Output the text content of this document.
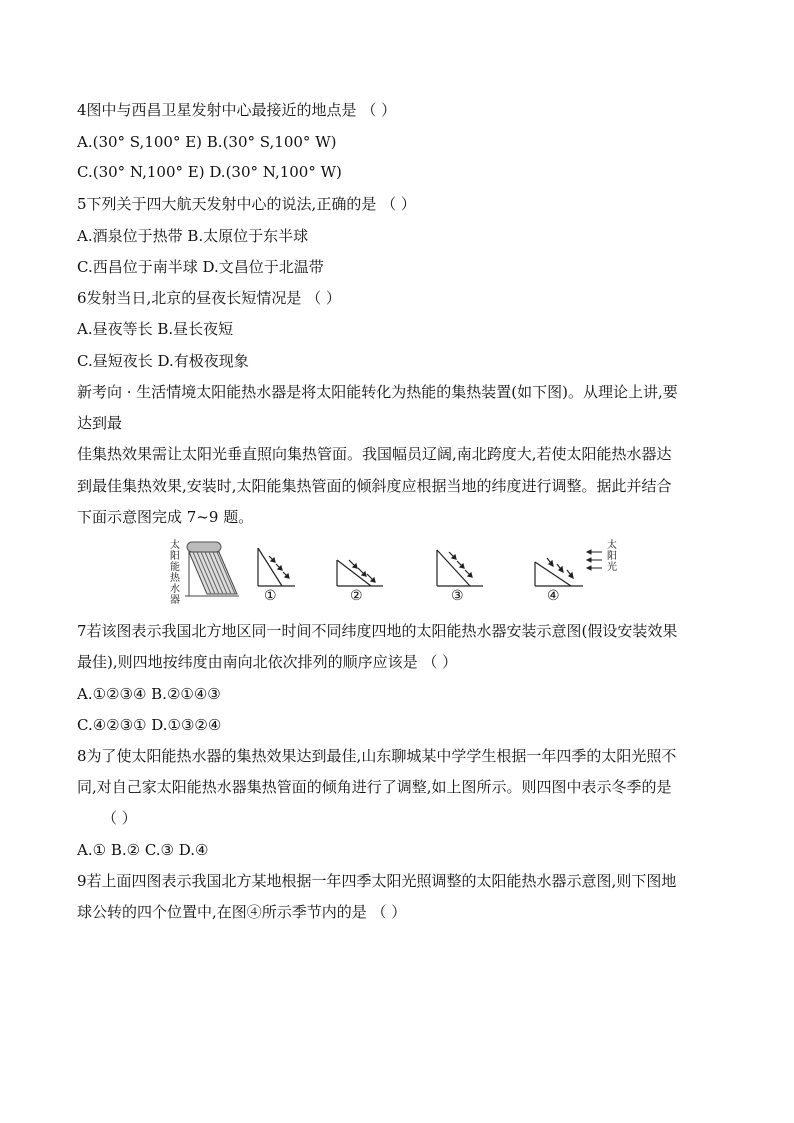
4图中与西昌卫星发射中心最接近的地点是 （ ）
A.(30° S,100° E) B.(30° S,100° W)
C.(30° N,100° E) D.(30° N,100° W)
5下列关于四大航天发射中心的说法,正确的是 （ ）
A.酒泉位于热带 B.太原位于东半球
C.西昌位于南半球 D.文昌位于北温带
6发射当日,北京的昼夜长短情况是 （ ）
A.昼夜等长 B.昼长夜短
C.昼短夜长 D.有极夜现象
新考向 · 生活情境太阳能热水器是将太阳能转化为热能的集热装置(如下图)。从理论上讲,要
达到最
佳集热效果需让太阳光垂直照向集热管面。我国幅员辽阔,南北跨度大,若使太阳能热水器达
到最佳集热效果,安装时,太阳能集热管面的倾斜度应根据当地的纬度进行调整。据此并结合
下面示意图完成 7~9 题。
太
阳
能
热
水
器
太
阳
光
①	②	③	④
7若该图表示我国北方地区同一时间不同纬度四地的太阳能热水器安装示意图(假设安装效果
最佳),则四地按纬度由南向北依次排列的顺序应该是 （ ）
A.①②③④ B.②①④③
C.④②③① D.①③②④
8为了使太阳能热水器的集热效果达到最佳,山东聊城某中学学生根据一年四季的太阳光照不
同,对自己家太阳能热水器集热管面的倾角进行了调整,如上图所示。则四图中表示冬季的是
（ ）
A.① B.② C.③ D.④
9若上面四图表示我国北方某地根据一年四季太阳光照调整的太阳能热水器示意图,则下图地
球公转的四个位置中,在图④所示季节内的是 （ ）
